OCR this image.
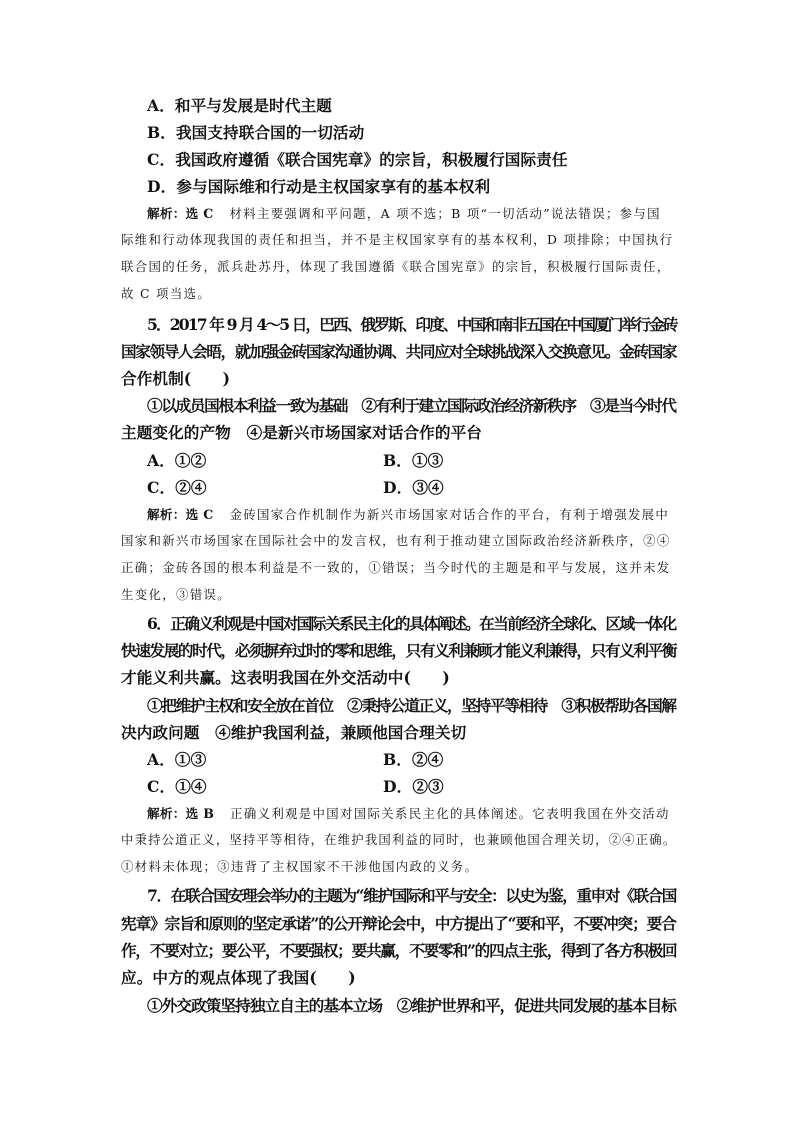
A．和平与发展是时代主题
B．我国支持联合国的一切活动
C．我国政府遵循《联合国宪章》的宗旨，积极履行国际责任
D．参与国际维和行动是主权国家享有的基本权利
解析：选 C 材料主要强调和平问题，A 项不选；B 项“一切活动”说法错误；参与国
际维和行动体现我国的责任和担当，并不是主权国家享有的基本权利，D 项排除；中国执行
联合国的任务，派兵赴苏丹，体现了我国遵循《联合国宪章》的宗旨，积极履行国际责任，
故 C 项当选。
5．2017 年 9 月 4～5 日，巴西、俄罗斯、印度、中国和南非五国在中国厦门举行金砖
国家领导人会晤，就加强金砖国家沟通协调、共同应对全球挑战深入交换意见。金砖国家
合作机制(　　)
①以成员国根本利益一致为基础　②有利于建立国际政治经济新秩序　③是当今时代
主题变化的产物　④是新兴市场国家对话合作的平台
A．①②	B．①③
C．②④	D．③④
解析：选 C 金砖国家合作机制作为新兴市场国家对话合作的平台，有利于增强发展中
国家和新兴市场国家在国际社会中的发言权，也有利于推动建立国际政治经济新秩序，②④
正确；金砖各国的根本利益是不一致的，①错误；当今时代的主题是和平与发展，这并未发
生变化，③错误。
6．正确义利观是中国对国际关系民主化的具体阐述。在当前经济全球化、区域一体化
快速发展的时代，必须摒弃过时的零和思维，只有义利兼顾才能义利兼得，只有义利平衡
才能义利共赢。这表明我国在外交活动中(　　)
①把维护主权和安全放在首位　②秉持公道正义，坚持平等相待　③积极帮助各国解
决内政问题　④维护我国利益，兼顾他国合理关切
A．①③	B．②④
C．①④	D．②③
解析：选 B 正确义利观是中国对国际关系民主化的具体阐述。它表明我国在外交活动
中秉持公道正义，坚持平等相待，在维护我国利益的同时，也兼顾他国合理关切，②④正确。
①材料未体现；③违背了主权国家不干涉他国内政的义务。
7．在联合国安理会举办的主题为“维护国际和平与安全：以史为鉴，重申对《联合国
宪章》宗旨和原则的坚定承诺”的公开辩论会中，中方提出了“要和平，不要冲突；要合
作，不要对立；要公平，不要强权；要共赢，不要零和”的四点主张，得到了各方积极回
应。中方的观点体现了我国(　　)
①外交政策坚持独立自主的基本立场　②维护世界和平，促进共同发展的基本目标
